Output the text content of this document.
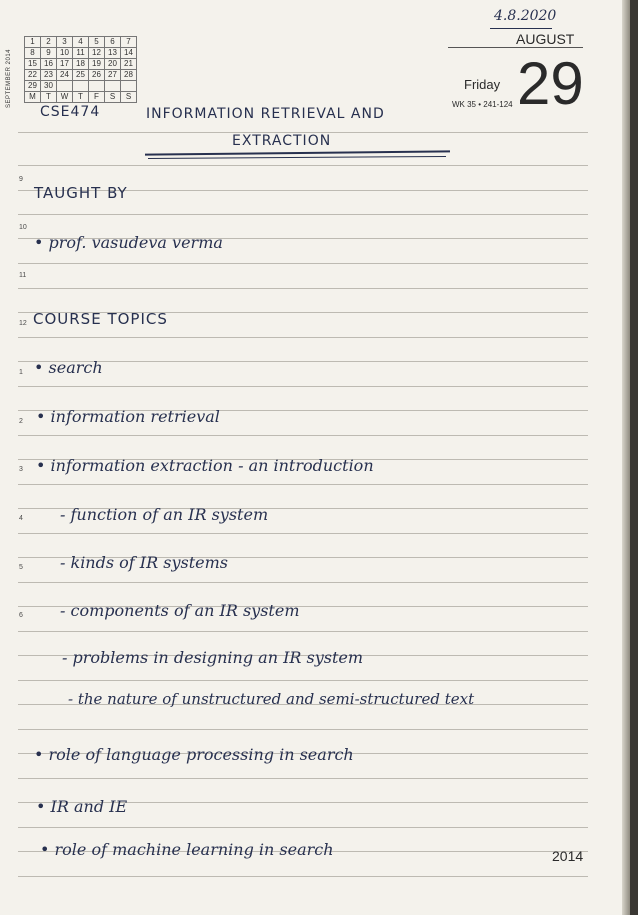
4.8.2020
AUGUST
29
Friday
WK 35 • 241-124
SEPTEMBER 2014
1	2	3	4	5	6	7
8	9	10	11	12	13	14
15	16	17	18	19	20	21
22	23	24	25	26	27	28
29	30					
M	T	W	T	F	S	S
CSE474	INFORMATION RETRIEVAL AND
EXTRACTION
9
10
11
12
1
2
3
4
5
6
TAUGHT BY
• prof. vasudeva verma
COURSE TOPICS
• search
• information retrieval
• information extraction - an introduction
- function of an IR system
- kinds of IR systems
- components of an IR system
- problems in designing an IR system
- the nature of unstructured and semi-structured text
• role of language processing in search
• IR and IE
• role of machine learning in search	2014
